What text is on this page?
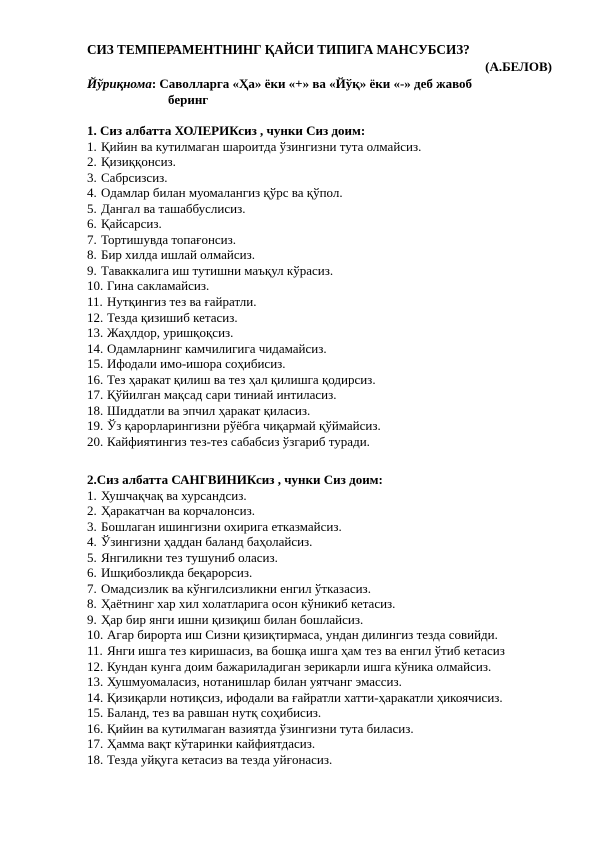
СИЗ ТЕМПЕРАМЕНТНИНГ ҚАЙСИ ТИПИГА МАНСУБСИЗ?
(А.БЕЛОВ)
Йўриқнома: Саволларга «Ҳа» ёки «+» ва «Йўқ» ёки «-» деб жавоб
беринг
1. Сиз албатта ХОЛЕРИКсиз , чунки Сиз доим:
1. Қийин ва кутилмаган шароитда ўзингизни тута олмайсиз.
2. Қизиққонсиз.
3. Сабрсизсиз.
4. Одамлар билан муомалангиз қўрс ва қўпол.
5. Дангал ва ташаббуслисиз.
6. Қайсарсиз.
7. Тортишувда топағонсиз.
8. Бир хилда ишлай олмайсиз.
9. Таваккалига иш тутишни маъқул кўрасиз.
10. Гина сакламайсиз.
11. Нутқингиз тез ва ғайратли.
12. Тезда қизишиб кетасиз.
13. Жаҳлдор, уришқоқсиз.
14. Одамларнинг камчилигига чидамайсиз.
15. Ифодали имо-ишора соҳибисиз.
16. Тез ҳаракат қилиш ва тез ҳал қилишга қодирсиз.
17. Қўйилган мақсад сари тиниай интиласиз.
18. Шиддатли ва эпчил ҳаракат қиласиз.
19. Ўз қарорларингизни рўёбга чиқармай қўймайсиз.
20. Кайфиятингиз тез-тез сабабсиз ўзгариб туради.
2.Сиз албатта САНГВИНИКсиз , чунки Сиз доим:
1. Хушчақчақ ва хурсандсиз.
2. Ҳаракатчан ва корчалонсиз.
3. Бошлаган ишингизни охирига етказмайсиз.
4. Ўзингизни ҳаддан баланд баҳолайсиз.
5. Янгиликни тез тушуниб оласиз.
6. Ишқибозликда беқарорсиз.
7. Омадсизлик ва кўнгилсизликни енгил ўтказасиз.
8. Ҳаётнинг хар хил холатларига осон кўникиб кетасиз.
9. Ҳар бир янги ишни қизиқиш билан бошлайсиз.
10. Агар бирорта иш Сизни қизиқтирмаса, ундан дилингиз тезда совийди.
11. Янги ишга тез киришасиз, ва бошқа ишга ҳам тез ва енгил ўтиб кетасиз
12. Кундан кунга доим бажариладиган зерикарли ишга кўника олмайсиз.
13. Хушмуомаласиз, нотанишлар билан уятчанг эмассиз.
14. Қизиқарли нотиқсиз, ифодали ва ғайратли хатти-ҳаракатли ҳикоячисиз.
15. Баланд, тез ва равшан нутқ соҳибисиз.
16. Қийин ва кутилмаган вазиятда ўзингизни тута биласиз.
17. Ҳамма вақт кўтаринки кайфиятдасиз.
18. Тезда уйқуга кетасиз ва тезда уйғонасиз.
